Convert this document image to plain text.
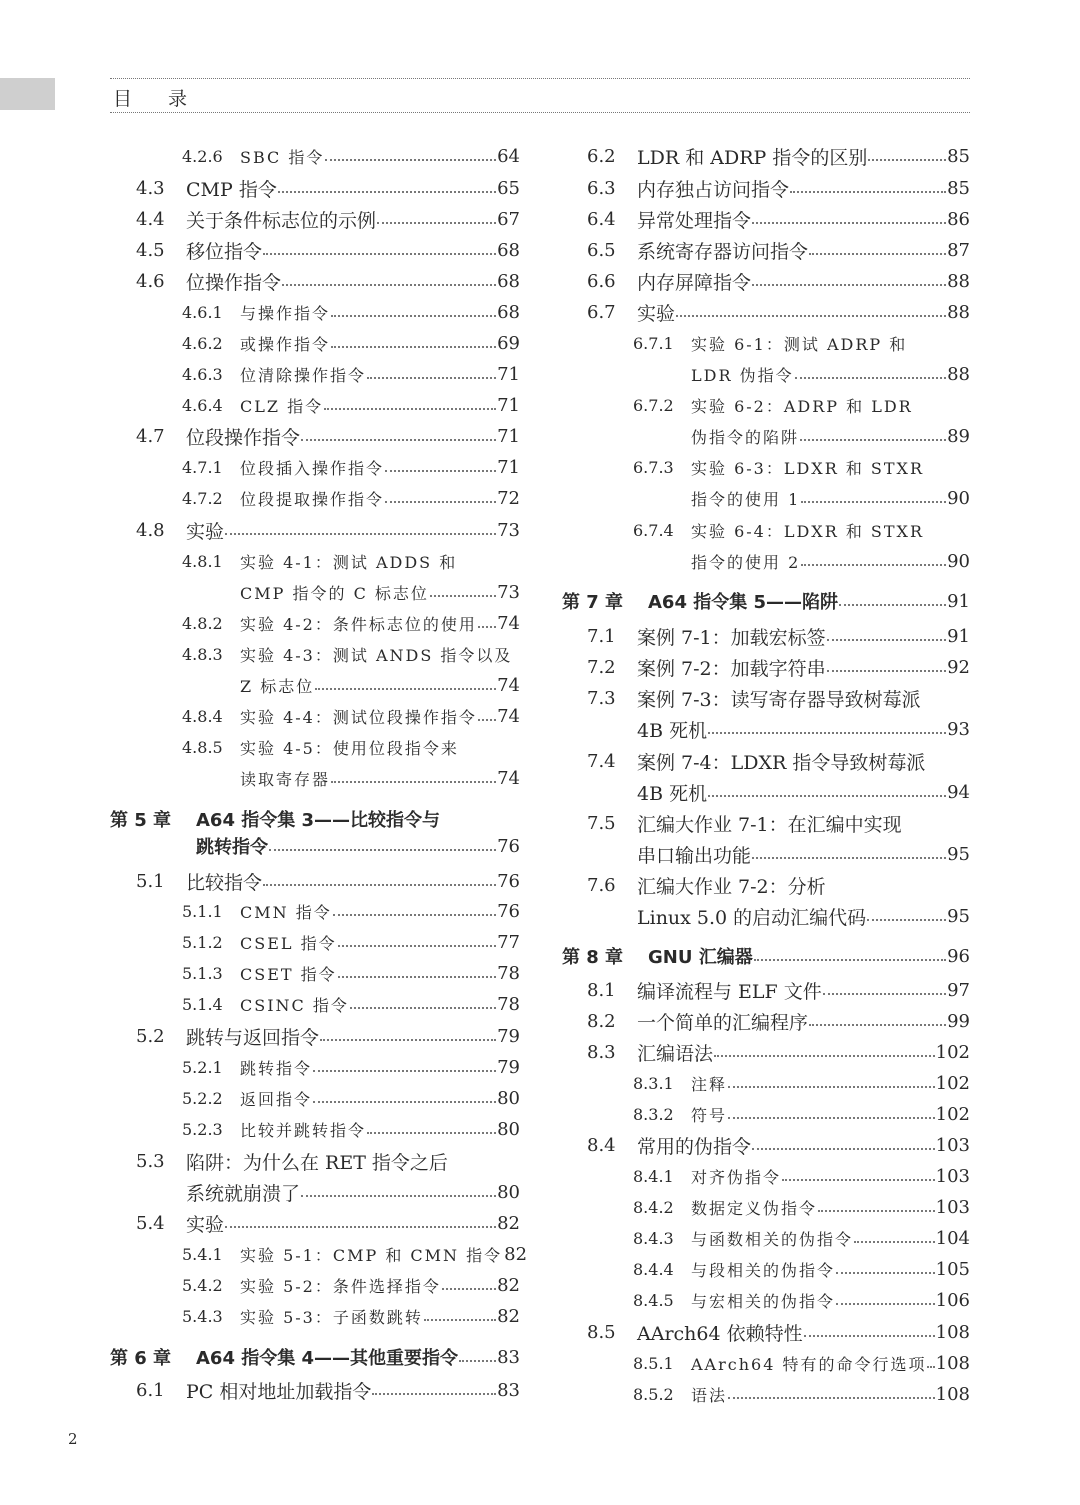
目 录
4.2.6	SBC 指令	64
4.3	CMP 指令	65
4.4	关于条件标志位的示例	67
4.5	移位指令	68
4.6	位操作指令	68
4.6.1	与操作指令	68
4.6.2	或操作指令	69
4.6.3	位清除操作指令	71
4.6.4	CLZ 指令	71
4.7	位段操作指令	71
4.7.1	位段插入操作指令	71
4.7.2	位段提取操作指令	72
4.8	实验	73
4.8.1	实验 4-1：测试 ADDS 和
CMP 指令的 C 标志位	73
4.8.2	实验 4-2：条件标志位的使用 74
4.8.3	实验 4-3：测试 ANDS 指令以及
Z 标志位	74
4.8.4	实验 4-4：测试位段操作指令 74
4.8.5	实验 4-5：使用位段指令来
读取寄存器	74
第 5 章	A64 指令集 3——比较指令与
跳转指令	76
5.1	比较指令	76
5.1.1	CMN 指令	76
5.1.2	CSEL 指令	77
5.1.3	CSET 指令	78
5.1.4	CSINC 指令	78
5.2	跳转与返回指令	79
5.2.1	跳转指令	79
5.2.2	返回指令	80
5.2.3	比较并跳转指令	80
5.3	陷阱：为什么在 RET 指令之后
系统就崩溃了	80
5.4	实验	82
5.4.1	实验 5-1：CMP 和 CMN 指令 82
5.4.2	实验 5-2：条件选择指令	82
5.4.3	实验 5-3：子函数跳转	82
第 6 章	A64 指令集 4——其他重要指令 83
6.1	PC 相对地址加载指令	83
6.2	LDR 和 ADRP 指令的区别	85
6.3	内存独占访问指令	85
6.4	异常处理指令	86
6.5	系统寄存器访问指令	87
6.6	内存屏障指令	88
6.7	实验	88
6.7.1	实验 6-1：测试 ADRP 和
LDR 伪指令	88
6.7.2	实验 6-2：ADRP 和 LDR
伪指令的陷阱	89
6.7.3	实验 6-3：LDXR 和 STXR
指令的使用 1	90
6.7.4	实验 6-4：LDXR 和 STXR
指令的使用 2	90
第 7 章	A64 指令集 5——陷阱	91
7.1	案例 7-1：加载宏标签	91
7.2	案例 7-2：加载字符串	92
7.3	案例 7-3：读写寄存器导致树莓派
4B 死机	93
7.4	案例 7-4：LDXR 指令导致树莓派
4B 死机	94
7.5	汇编大作业 7-1：在汇编中实现
串口输出功能	95
7.6	汇编大作业 7-2：分析
Linux 5.0 的启动汇编代码	95
第 8 章	GNU 汇编器	96
8.1	编译流程与 ELF 文件	97
8.2	一个简单的汇编程序	99
8.3	汇编语法	102
8.3.1	注释	102
8.3.2	符号	102
8.4	常用的伪指令	103
8.4.1	对齐伪指令	103
8.4.2	数据定义伪指令	103
8.4.3	与函数相关的伪指令	104
8.4.4	与段相关的伪指令	105
8.4.5	与宏相关的伪指令	106
8.5	AArch64 依赖特性	108
8.5.1	AArch64 特有的命令行选项 108
8.5.2	语法	108
2
